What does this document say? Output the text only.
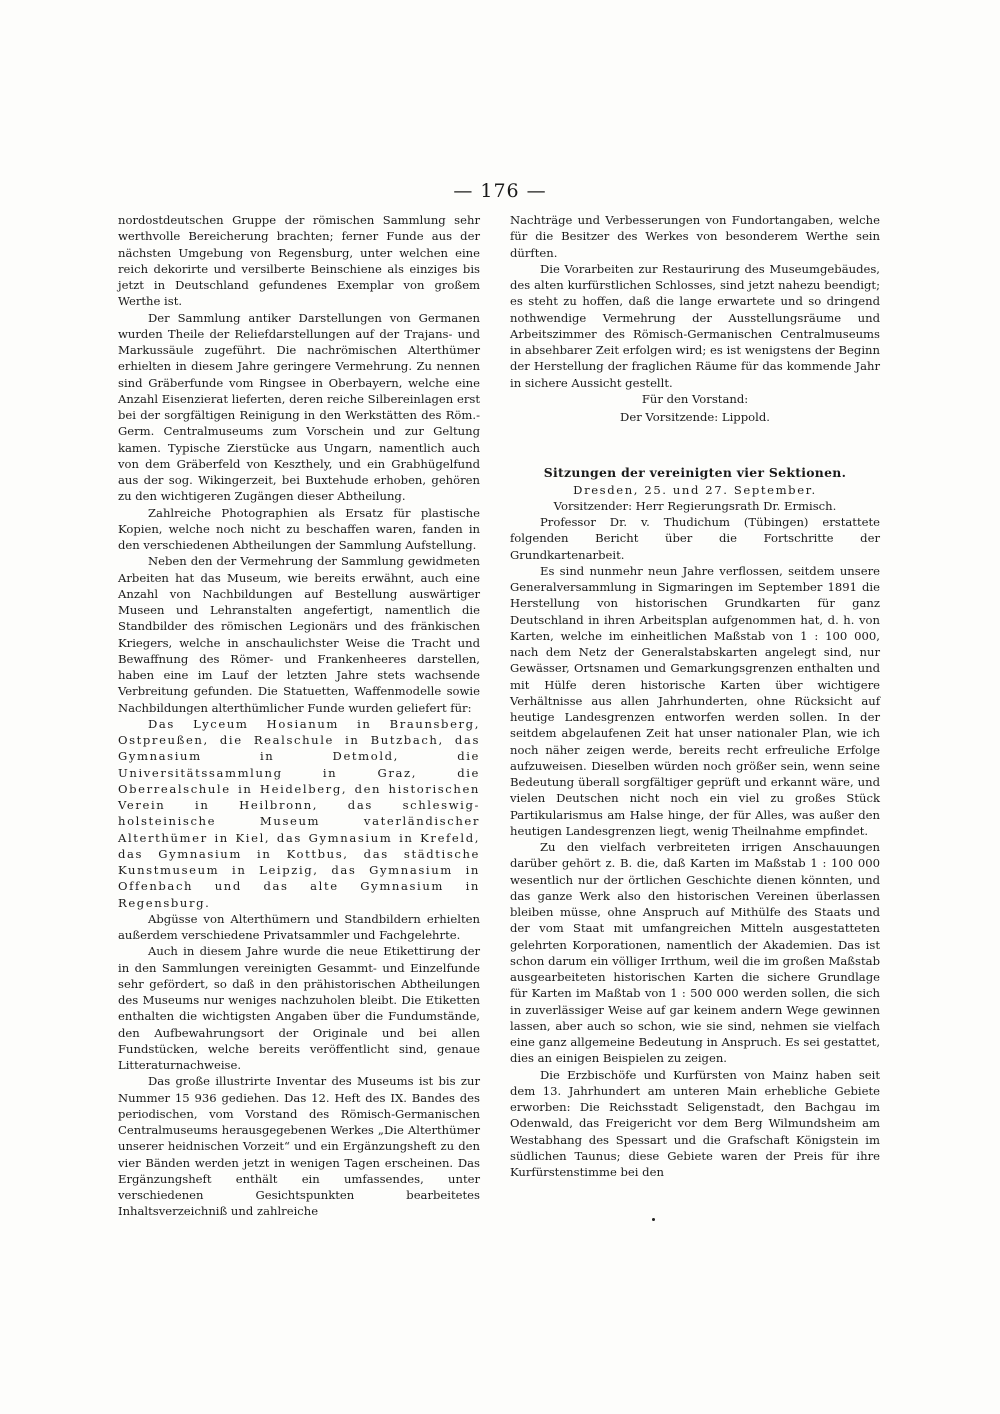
— 176 —

nordostdeutschen Gruppe der römischen Sammlung sehr werthvolle Bereicherung brachten; ferner Funde aus der nächsten Umgebung von Regensburg, unter welchen eine reich dekorirte und versilberte Beinschiene als einziges bis jetzt in Deutschland gefundenes Exemplar von großem Werthe ist.

Der Sammlung antiker Darstellungen von Germanen wurden Theile der Reliefdarstellungen auf der Trajans- und Markussäule zugeführt. Die nachrömischen Alterthümer erhielten in diesem Jahre geringere Vermehrung. Zu nennen sind Gräberfunde vom Ringsee in Oberbayern, welche eine Anzahl Eisenzierat lieferten, deren reiche Silbereinlagen erst bei der sorgfältigen Reinigung in den Werkstätten des Röm.-Germ. Centralmuseums zum Vorschein und zur Geltung kamen. Typische Zierstücke aus Ungarn, namentlich auch von dem Gräberfeld von Keszthely, und ein Grabhügelfund aus der sog. Wikingerzeit, bei Buxtehude erhoben, gehören zu den wichtigeren Zugängen dieser Abtheilung.

Zahlreiche Photographien als Ersatz für plastische Kopien, welche noch nicht zu beschaffen waren, fanden in den verschiedenen Abtheilungen der Sammlung Aufstellung.

Neben den der Vermehrung der Sammlung gewidmeten Arbeiten hat das Museum, wie bereits erwähnt, auch eine Anzahl von Nachbildungen auf Bestellung auswärtiger Museen und Lehranstalten angefertigt, namentlich die Standbilder des römischen Legionärs und des fränkischen Kriegers, welche in anschaulichster Weise die Tracht und Bewaffnung des Römer- und Frankenheeres darstellen, haben eine im Lauf der letzten Jahre stets wachsende Verbreitung gefunden. Die Statuetten, Waffenmodelle sowie Nachbildungen alterthümlicher Funde wurden geliefert für:

Das Lyceum Hosianum in Braunsberg, Ostpreußen, die Realschule in Butzbach, das Gymnasium in Detmold, die Universitätssammlung in Graz, die Oberrealschule in Heidelberg, den historischen Verein in Heilbronn, das schleswig-holsteinische Museum vaterländischer Alterthümer in Kiel, das Gymnasium in Krefeld, das Gymnasium in Kottbus, das städtische Kunstmuseum in Leipzig, das Gymnasium in Offenbach und das alte Gymnasium in Regensburg.

Abgüsse von Alterthümern und Standbildern erhielten außerdem verschiedene Privatsammler und Fachgelehrte.

Auch in diesem Jahre wurde die neue Etikettirung der in den Sammlungen vereinigten Gesammt- und Einzelfunde sehr gefördert, so daß in den prähistorischen Abtheilungen des Museums nur weniges nachzuholen bleibt. Die Etiketten enthalten die wichtigsten Angaben über die Fundumstände, den Aufbewahrungsort der Originale und bei allen Fundstücken, welche bereits veröffentlicht sind, genaue Litteraturnachweise.

Das große illustrirte Inventar des Museums ist bis zur Nummer 15 936 gediehen. Das 12. Heft des IX. Bandes des periodischen, vom Vorstand des Römisch-Germanischen Centralmuseums herausgegebenen Werkes „Die Alterthümer unserer heidnischen Vorzeit“ und ein Ergänzungsheft zu den vier Bänden werden jetzt in wenigen Tagen erscheinen. Das Ergänzungsheft enthält ein umfassendes, unter verschiedenen Gesichtspunkten bearbeitetes Inhaltsverzeichniß und zahlreiche

Nachträge und Verbesserungen von Fundortangaben, welche für die Besitzer des Werkes von besonderem Werthe sein dürften.

Die Vorarbeiten zur Restaurirung des Museumgebäudes, des alten kurfürstlichen Schlosses, sind jetzt nahezu beendigt; es steht zu hoffen, daß die lange erwartete und so dringend nothwendige Vermehrung der Ausstellungsräume und Arbeitszimmer des Römisch-Germanischen Centralmuseums in absehbarer Zeit erfolgen wird; es ist wenigstens der Beginn der Herstellung der fraglichen Räume für das kommende Jahr in sichere Aussicht gestellt.

Für den Vorstand:

Der Vorsitzende: Lippold.

Sitzungen der vereinigten vier Sektionen.

Dresden, 25. und 27. September.

Vorsitzender: Herr Regierungsrath Dr. Ermisch.

Professor Dr. v. Thudichum (Tübingen) erstattete folgenden Bericht über die Fortschritte der Grundkartenarbeit.

Es sind nunmehr neun Jahre verflossen, seitdem unsere Generalversammlung in Sigmaringen im September 1891 die Herstellung von historischen Grundkarten für ganz Deutschland in ihren Arbeitsplan aufgenommen hat, d. h. von Karten, welche im einheitlichen Maßstab von 1 : 100 000, nach dem Netz der Generalstabskarten angelegt sind, nur Gewässer, Ortsnamen und Gemarkungsgrenzen enthalten und mit Hülfe deren historische Karten über wichtigere Verhältnisse aus allen Jahrhunderten, ohne Rücksicht auf heutige Landesgrenzen entworfen werden sollen. In der seitdem abgelaufenen Zeit hat unser nationaler Plan, wie ich noch näher zeigen werde, bereits recht erfreuliche Erfolge aufzuweisen. Dieselben würden noch größer sein, wenn seine Bedeutung überall sorgfältiger geprüft und erkannt wäre, und vielen Deutschen nicht noch ein viel zu großes Stück Partikularismus am Halse hinge, der für Alles, was außer den heutigen Landesgrenzen liegt, wenig Theilnahme empfindet.

Zu den vielfach verbreiteten irrigen Anschauungen darüber gehört z. B. die, daß Karten im Maßstab 1 : 100 000 wesentlich nur der örtlichen Geschichte dienen könnten, und das ganze Werk also den historischen Vereinen überlassen bleiben müsse, ohne Anspruch auf Mithülfe des Staats und der vom Staat mit umfangreichen Mitteln ausgestatteten gelehrten Korporationen, namentlich der Akademien. Das ist schon darum ein völliger Irrthum, weil die im großen Maßstab ausgearbeiteten historischen Karten die sichere Grundlage für Karten im Maßtab von 1 : 500 000 werden sollen, die sich in zuverlässiger Weise auf gar keinem andern Wege gewinnen lassen, aber auch so schon, wie sie sind, nehmen sie vielfach eine ganz allgemeine Bedeutung in Anspruch. Es sei gestattet, dies an einigen Beispielen zu zeigen.

Die Erzbischöfe und Kurfürsten von Mainz haben seit dem 13. Jahrhundert am unteren Main erhebliche Gebiete erworben: Die Reichsstadt Seligenstadt, den Bachgau im Odenwald, das Freigericht vor dem Berg Wilmundsheim am Westabhang des Spessart und die Grafschaft Königstein im südlichen Taunus; diese Gebiete waren der Preis für ihre Kurfürstenstimme bei den
